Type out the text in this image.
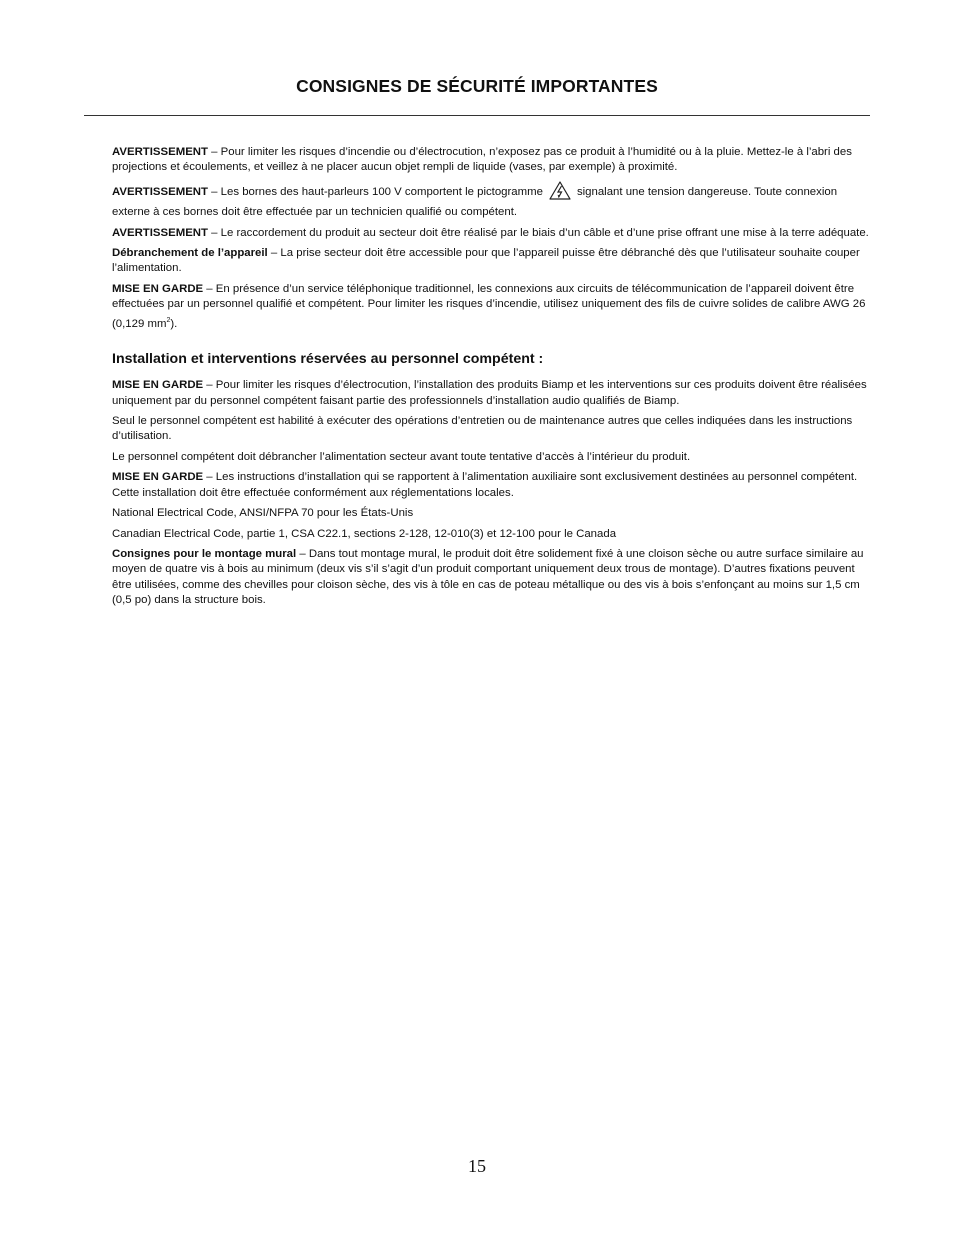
CONSIGNES DE SÉCURITÉ IMPORTANTES

AVERTISSEMENT – Pour limiter les risques d’incendie ou d’électrocution, n’exposez pas ce produit à l’humidité ou à la pluie. Mettez-le à l’abri des projections et écoulements, et veillez à ne placer aucun objet rempli de liquide (vases, par exemple) à proximité.

AVERTISSEMENT – Les bornes des haut-parleurs 100 V comportent le pictogramme	signalant une tension dangereuse. Toute connexion externe à ces bornes doit être effectuée par un technicien qualifié ou compétent.

AVERTISSEMENT – Le raccordement du produit au secteur doit être réalisé par le biais d’un câble et d’une prise offrant une mise à la terre adéquate.

Débranchement de l’appareil – La prise secteur doit être accessible pour que l’appareil puisse être débranché dès que l’utilisateur souhaite couper l’alimentation.

MISE EN GARDE – En présence d’un service téléphonique traditionnel, les connexions aux circuits de télécommunication de l’appareil doivent être effectuées par un personnel qualifié et compétent. Pour limiter les risques d’incendie, utilisez uniquement des fils de cuivre solides de calibre AWG 26 (0,129 $mm^2$).

Installation et interventions réservées au personnel compétent :

MISE EN GARDE – Pour limiter les risques d’électrocution, l’installation des produits Biamp et les interventions sur ces produits doivent être réalisées uniquement par du personnel compétent faisant partie des professionnels d’installation audio qualifiés de Biamp.

Seul le personnel compétent est habilité à exécuter des opérations d’entretien ou de maintenance autres que celles indiquées dans les instructions d’utilisation.

Le personnel compétent doit débrancher l’alimentation secteur avant toute tentative d’accès à l’intérieur du produit.

MISE EN GARDE – Les instructions d’installation qui se rapportent à l’alimentation auxiliaire sont exclusivement destinées au personnel compétent. Cette installation doit être effectuée conformément aux réglementations locales.

National Electrical Code, ANSI/NFPA 70 pour les États-Unis

Canadian Electrical Code, partie 1, CSA C22.1, sections 2-128, 12-010(3) et 12-100 pour le Canada

Consignes pour le montage mural – Dans tout montage mural, le produit doit être solidement fixé à une cloison sèche ou autre surface similaire au moyen de quatre vis à bois au minimum (deux vis s’il s’agit d’un produit comportant uniquement deux trous de montage). D’autres fixations peuvent être utilisées, comme des chevilles pour cloison sèche, des vis à tôle en cas de poteau métallique ou des vis à bois s’enfonçant au moins sur 1,5 cm (0,5 po) dans la structure bois.

15
